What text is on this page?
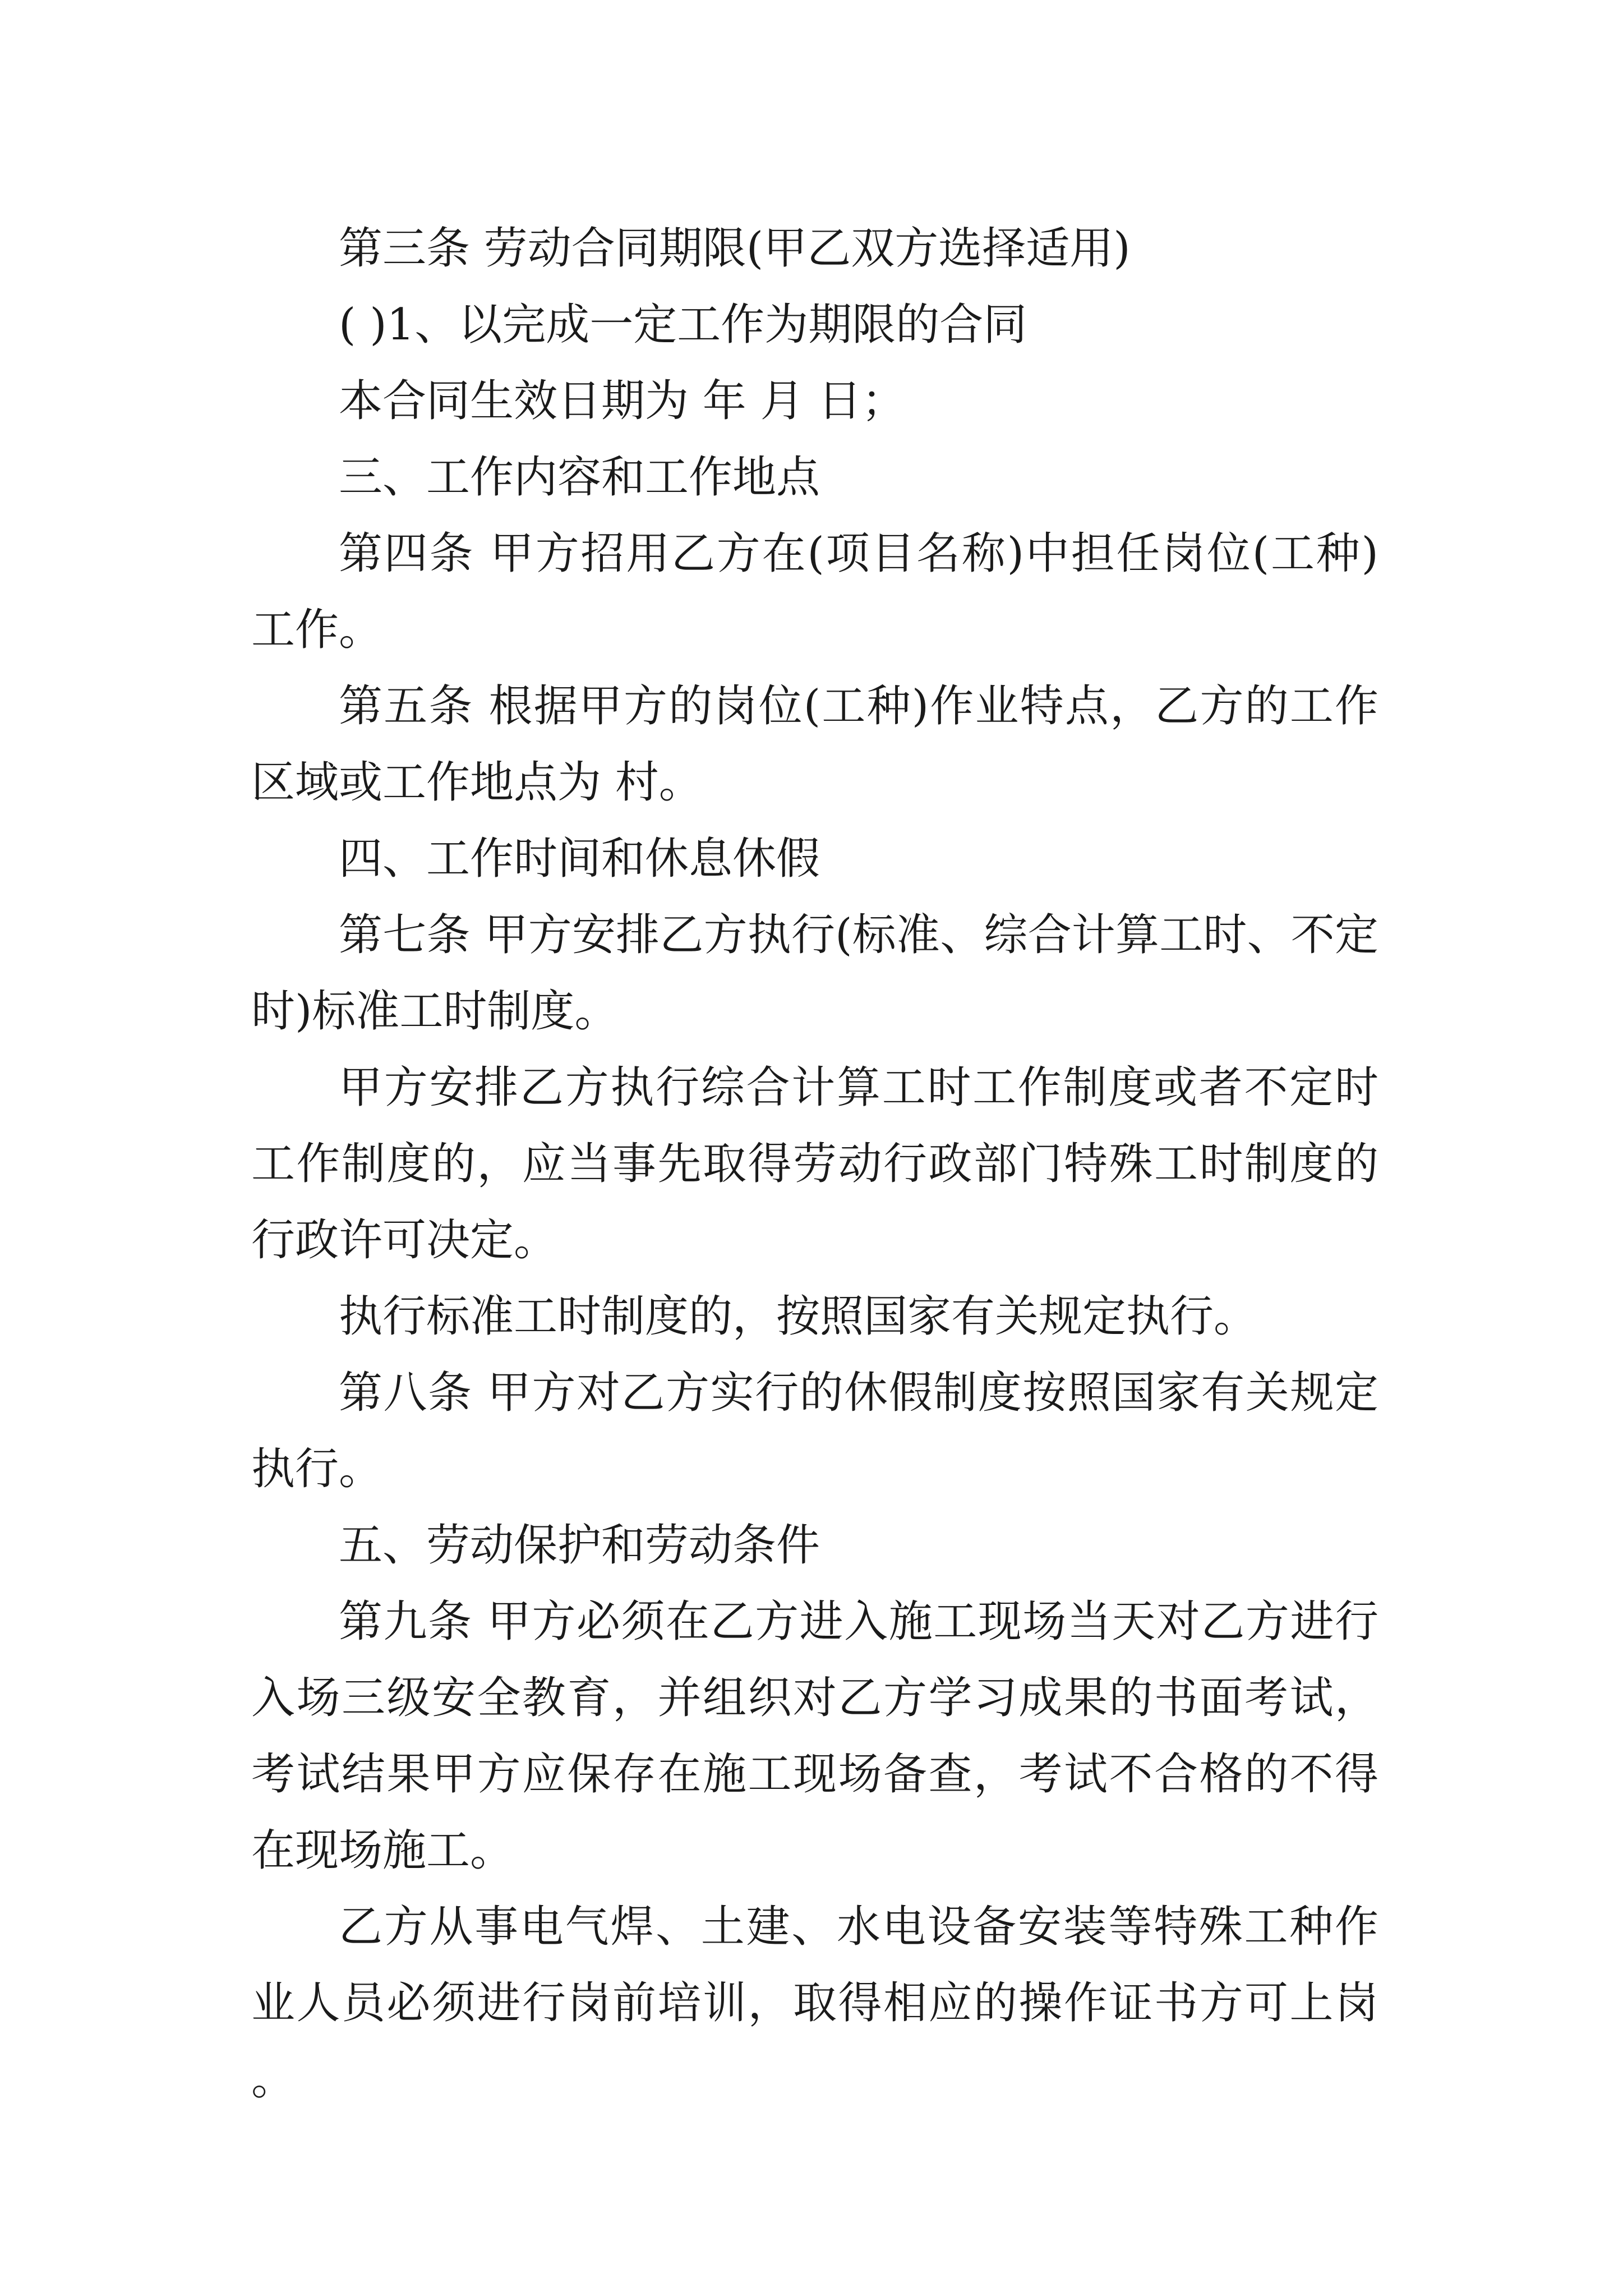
第三条 劳动合同期限(甲乙双方选择适用)

( )1、以完成一定工作为期限的合同

本合同生效日期为 年 月 日；

三、工作内容和工作地点

第四条 甲方招用乙方在(项目名称)中担任岗位(工种)工作。

第五条 根据甲方的岗位(工种)作业特点，乙方的工作区域或工作地点为 村。

四、工作时间和休息休假

第七条 甲方安排乙方执行(标准、综合计算工时、不定时)标准工时制度。

甲方安排乙方执行综合计算工时工作制度或者不定时工作制度的，应当事先取得劳动行政部门特殊工时制度的行政许可决定。

执行标准工时制度的，按照国家有关规定执行。

第八条 甲方对乙方实行的休假制度按照国家有关规定执行。

五、劳动保护和劳动条件

第九条 甲方必须在乙方进入施工现场当天对乙方进行入场三级安全教育，并组织对乙方学习成果的书面考试，考试结果甲方应保存在施工现场备查，考试不合格的不得在现场施工。

乙方从事电气焊、土建、水电设备安装等特殊工种作业人员必须进行岗前培训，取得相应的操作证书方可上岗。
